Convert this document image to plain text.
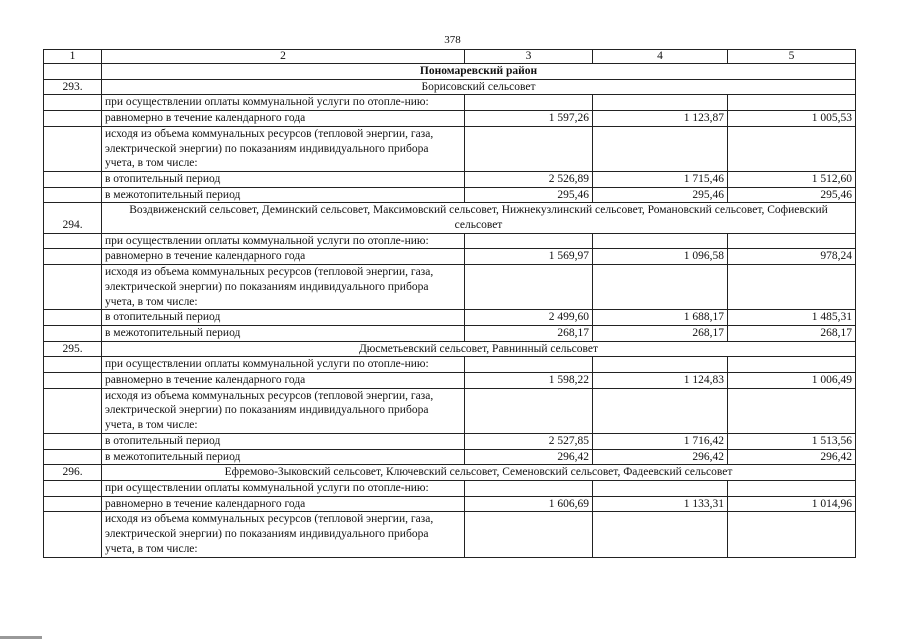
378
1	2	3	4	5
	Пономаревский район			
293.	Борисовский сельсовет			
	при осуществлении оплаты коммунальной услуги по отопле-нию:			
	равномерно в течение календарного года	1 597,26	1 123,87	1 005,53
	исходя из объема коммунальных ресурсов (тепловой энергии, газа, электрической энергии) по показаниям индивидуального прибора учета, в том числе:			
	в отопительный период	2 526,89	1 715,46	1 512,60
	в межотопительный период	295,46	295,46	295,46
294.	Воздвиженский сельсовет, Деминский сельсовет, Максимовский сельсовет, Нижнекузлинский сельсовет, Романовский сельсовет, Софиевский сельсовет			
	при осуществлении оплаты коммунальной услуги по отопле-нию:			
	равномерно в течение календарного года	1 569,97	1 096,58	978,24
	исходя из объема коммунальных ресурсов (тепловой энергии, газа, электрической энергии) по показаниям индивидуального прибора учета, в том числе:			
	в отопительный период	2 499,60	1 688,17	1 485,31
	в межотопительный период	268,17	268,17	268,17
295.	Дюсметьевский сельсовет, Равнинный сельсовет			
	при осуществлении оплаты коммунальной услуги по отопле-нию:			
	равномерно в течение календарного года	1 598,22	1 124,83	1 006,49
	исходя из объема коммунальных ресурсов (тепловой энергии, газа, электрической энергии) по показаниям индивидуального прибора учета, в том числе:			
	в отопительный период	2 527,85	1 716,42	1 513,56
	в межотопительный период	296,42	296,42	296,42
296.	Ефремово-Зыковский сельсовет, Ключевский сельсовет, Семеновский сельсовет, Фадеевский сельсовет			
	при осуществлении оплаты коммунальной услуги по отопле-нию:			
	равномерно в течение календарного года	1 606,69	1 133,31	1 014,96
	исходя из объема коммунальных ресурсов (тепловой энергии, газа, электрической энергии) по показаниям индивидуального прибора учета, в том числе:			
